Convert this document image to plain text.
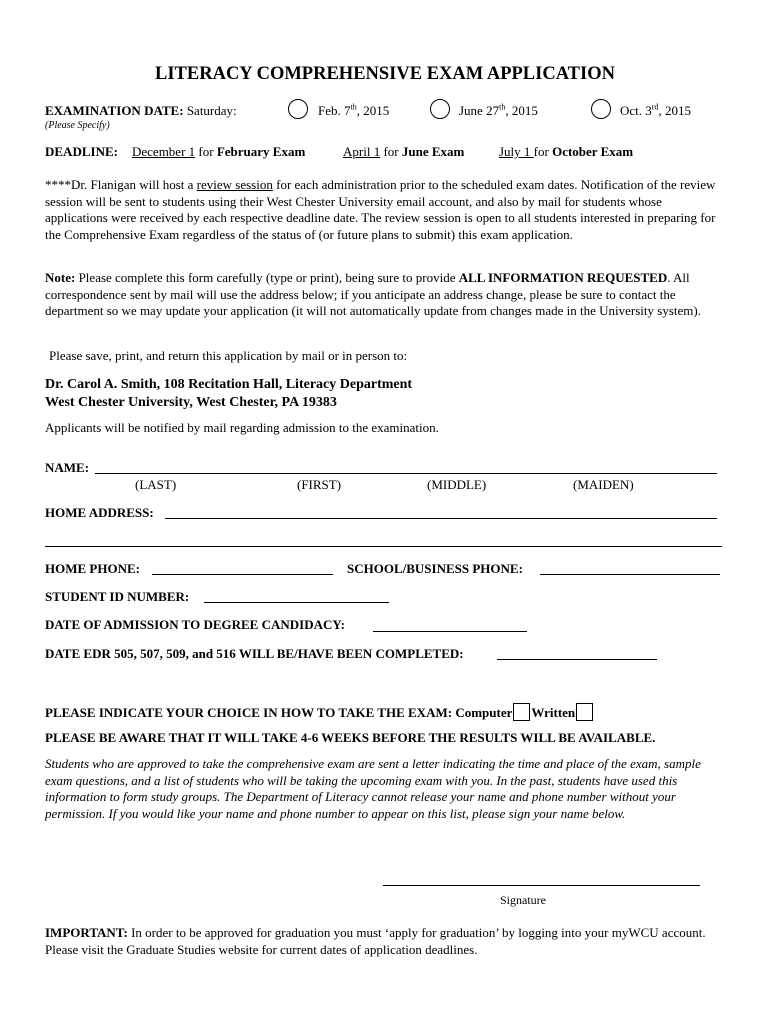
LITERACY COMPREHENSIVE EXAM APPLICATION
EXAMINATION DATE: Saturday:
(Please Specify)
Feb. 7th, 2015	June 27th, 2015	Oct. 3rd, 2015
DEADLINE: December 1 for February Exam	April 1 for June Exam	July 1 for October Exam
****Dr. Flanigan will host a review session for each administration prior to the scheduled exam dates. Notification of the review session will be sent to students using their West Chester University email account, and also by mail for students whose applications were received by each respective deadline date. The review session is open to all students interested in preparing for the Comprehensive Exam regardless of the status of (or future plans to submit) this exam application.
Note: Please complete this form carefully (type or print), being sure to provide ALL INFORMATION REQUESTED. All correspondence sent by mail will use the address below; if you anticipate an address change, please be sure to contact the department so we may update your application (it will not automatically update from changes made in the University system).
Please save, print, and return this application by mail or in person to:
Dr. Carol A. Smith, 108 Recitation Hall, Literacy Department
West Chester University, West Chester, PA 19383
Applicants will be notified by mail regarding admission to the examination.
NAME:
(LAST)	(FIRST)	(MIDDLE)	(MAIDEN)
HOME ADDRESS:
HOME PHONE:	SCHOOL/BUSINESS PHONE:
STUDENT ID NUMBER:
DATE OF ADMISSION TO DEGREE CANDIDACY:
DATE EDR 505, 507, 509, and 516 WILL BE/HAVE BEEN COMPLETED:
PLEASE INDICATE YOUR CHOICE IN HOW TO TAKE THE EXAM: Computer Written
PLEASE BE AWARE THAT IT WILL TAKE 4-6 WEEKS BEFORE THE RESULTS WILL BE AVAILABLE.
Students who are approved to take the comprehensive exam are sent a letter indicating the time and place of the exam, sample exam questions, and a list of students who will be taking the upcoming exam with you. In the past, students have used this information to form study groups. The Department of Literacy cannot release your name and phone number without your permission. If you would like your name and phone number to appear on this list, please sign your name below.
Signature
IMPORTANT: In order to be approved for graduation you must ‘apply for graduation’ by logging into your myWCU account. Please visit the Graduate Studies website for current dates of application deadlines.
